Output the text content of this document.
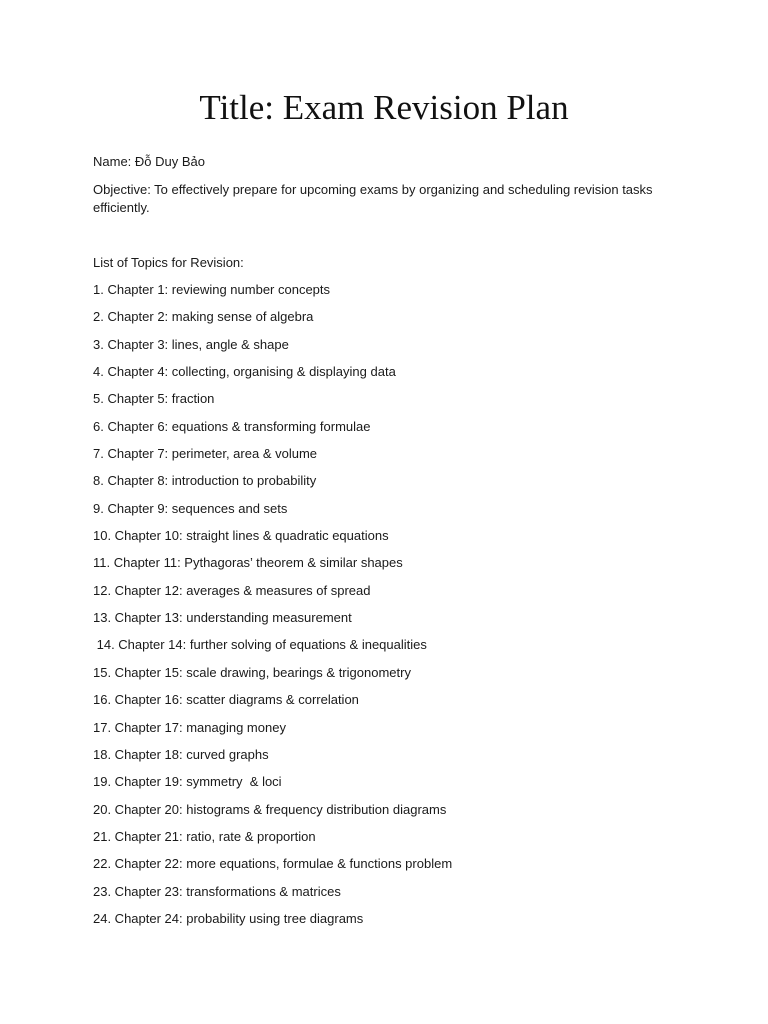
Title: Exam Revision Plan
Name: Đỗ Duy Bảo
Objective: To effectively prepare for upcoming exams by organizing and scheduling revision tasks efficiently.
List of Topics for Revision:
1. Chapter 1: reviewing number concepts
2. Chapter 2: making sense of algebra
3. Chapter 3: lines, angle & shape
4. Chapter 4: collecting, organising & displaying data
5. Chapter 5: fraction
6. Chapter 6: equations & transforming formulae
7. Chapter 7: perimeter, area & volume
8. Chapter 8: introduction to probability
9. Chapter 9: sequences and sets
10. Chapter 10: straight lines & quadratic equations
11. Chapter 11: Pythagoras’ theorem & similar shapes
12. Chapter 12: averages & measures of spread
13. Chapter 13: understanding measurement
14. Chapter 14: further solving of equations & inequalities
15. Chapter 15: scale drawing, bearings & trigonometry
16. Chapter 16: scatter diagrams & correlation
17. Chapter 17: managing money
18. Chapter 18: curved graphs
19. Chapter 19: symmetry  & loci
20. Chapter 20: histograms & frequency distribution diagrams
21. Chapter 21: ratio, rate & proportion
22. Chapter 22: more equations, formulae & functions problem
23. Chapter 23: transformations & matrices
24. Chapter 24: probability using tree diagrams
